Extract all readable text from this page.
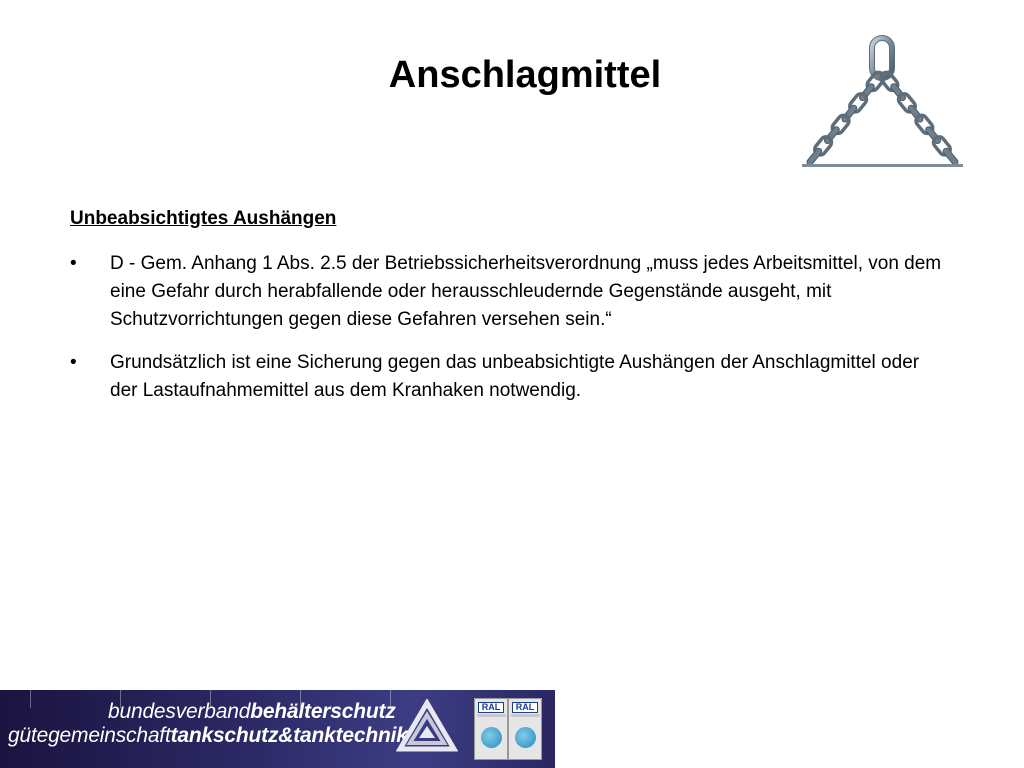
Anschlagmittel
Unbeabsichtigtes Aushängen
• D - Gem. Anhang 1 Abs. 2.5 der Betriebssicherheitsverordnung „muss jedes Arbeitsmittel, von dem eine Gefahr durch herabfallende oder herausschleudernde Gegenstände ausgeht, mit Schutzvorrichtungen gegen diese Gefahren versehen sein.“
• Grundsätzlich ist eine Sicherung gegen das unbeabsichtigte Aushängen der Anschlagmittel oder der Lastaufnahmemittel aus dem Kranhaken notwendig.
bundesverbandbehälterschutz
gütegemeinschafttankschutz&tanktechnik
RAL	RAL
